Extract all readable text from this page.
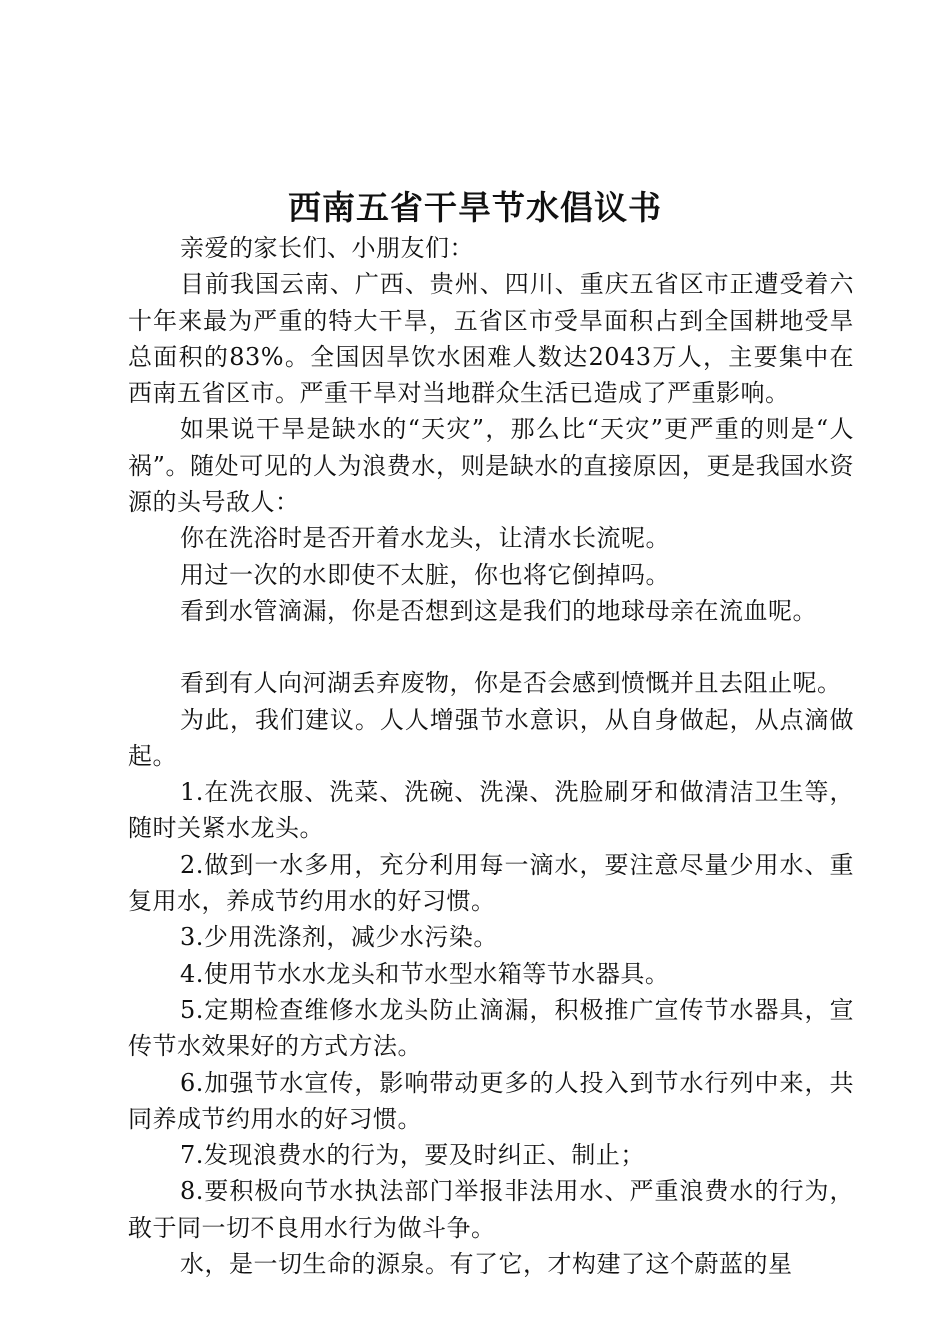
西南五省干旱节水倡议书

亲爱的家长们、小朋友们：

目前我国云南、广西、贵州、四川、重庆五省区市正遭受着六十年来最为严重的特大干旱，五省区市受旱面积占到全国耕地受旱总面积的83%。全国因旱饮水困难人数达2043万人，主要集中在西南五省区市。严重干旱对当地群众生活已造成了严重影响。

如果说干旱是缺水的“天灾”，那么比“天灾”更严重的则是“人祸”。随处可见的人为浪费水，则是缺水的直接原因，更是我国水资源的头号敌人：

你在洗浴时是否开着水龙头，让清水长流呢。

用过一次的水即使不太脏，你也将它倒掉吗。

看到水管滴漏，你是否想到这是我们的地球母亲在流血呢。

看到有人向河湖丢弃废物，你是否会感到愤慨并且去阻止呢。

为此，我们建议。人人增强节水意识，从自身做起，从点滴做起。

1.在洗衣服、洗菜、洗碗、洗澡、洗脸刷牙和做清洁卫生等，随时关紧水龙头。

2.做到一水多用，充分利用每一滴水，要注意尽量少用水、重复用水，养成节约用水的好习惯。

3.少用洗涤剂，减少水污染。

4.使用节水水龙头和节水型水箱等节水器具。

5.定期检查维修水龙头防止滴漏，积极推广宣传节水器具，宣传节水效果好的方式方法。

6.加强节水宣传，影响带动更多的人投入到节水行列中来，共同养成节约用水的好习惯。

7.发现浪费水的行为，要及时纠正、制止；

8.要积极向节水执法部门举报非法用水、严重浪费水的行为，敢于同一切不良用水行为做斗争。

水，是一切生命的源泉。有了它，才构建了这个蔚蓝的星
